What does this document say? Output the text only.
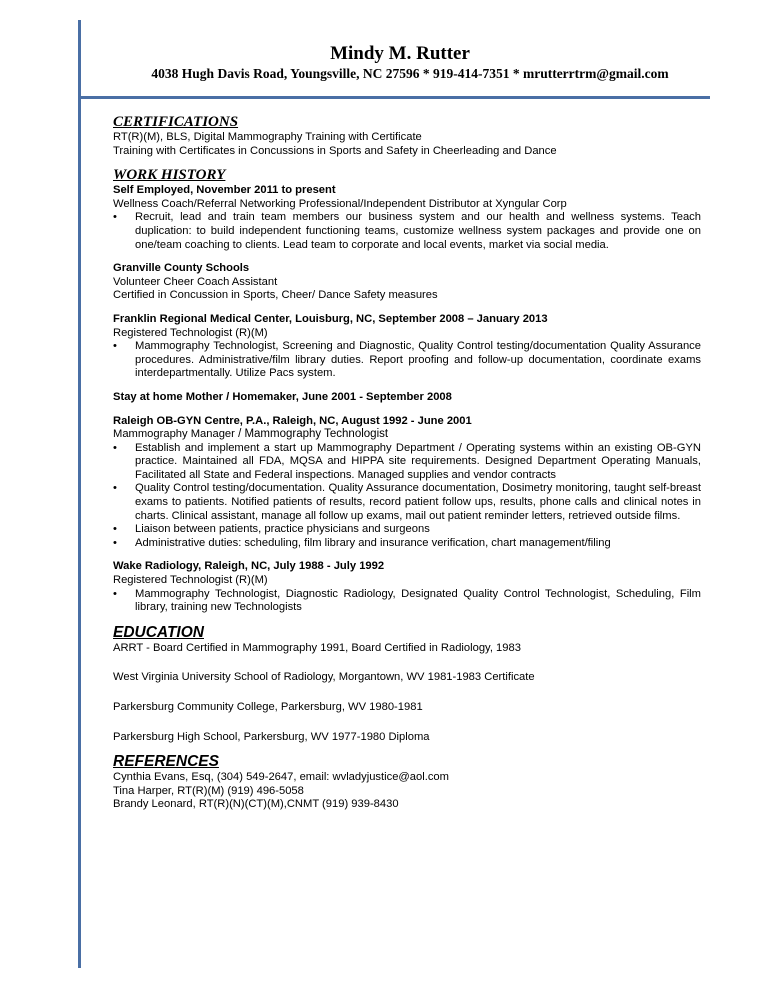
Mindy M. Rutter
4038 Hugh Davis Road, Youngsville, NC 27596 * 919-414-7351 * mrutterrtrm@gmail.com
CERTIFICATIONS

RT(R)(M), BLS, Digital Mammography Training with Certificate

Training with Certificates in Concussions in Sports and Safety in Cheerleading and Dance

WORK HISTORY

Self Employed, November 2011 to present

Wellness Coach/Referral Networking Professional/Independent Distributor at Xyngular Corp

• Recruit, lead and train team members our business system and our health and wellness systems. Teach duplication: to build independent functioning teams, customize wellness system packages and provide one on one/team coaching to clients. Lead team to corporate and local events, market via social media.

Granville County Schools

Volunteer Cheer Coach Assistant

Certified in Concussion in Sports, Cheer/ Dance Safety measures

Franklin Regional Medical Center, Louisburg, NC, September 2008 – January 2013

Registered Technologist (R)(M)

• Mammography Technologist, Screening and Diagnostic, Quality Control testing/documentation Quality Assurance procedures. Administrative/film library duties. Report proofing and follow-up documentation, coordinate exams interdepartmentally. Utilize Pacs system.

Stay at home Mother / Homemaker, June 2001 - September 2008

Raleigh OB-GYN Centre, P.A., Raleigh, NC, August 1992 - June 2001

Mammography Manager / Mammography Technologist

• Establish and implement a start up Mammography Department / Operating systems within an existing OB-GYN practice. Maintained all FDA, MQSA and HIPPA site requirements. Designed Department Operating Manuals, Facilitated all State and Federal inspections. Managed supplies and vendor contracts
• Quality Control testing/documentation. Quality Assurance documentation, Dosimetry monitoring, taught self-breast exams to patients. Notified patients of results, record patient follow ups, results, phone calls and clinical notes in charts. Clinical assistant, manage all follow up exams, mail out patient reminder letters, retrieved outside films.
• Liaison between patients, practice physicians and surgeons
• Administrative duties: scheduling, film library and insurance verification, chart management/filing

Wake Radiology, Raleigh, NC, July 1988 - July 1992

Registered Technologist (R)(M)

• Mammography Technologist, Diagnostic Radiology, Designated Quality Control Technologist, Scheduling, Film library, training new Technologists
EDUCATION

ARRT - Board Certified in Mammography 1991, Board Certified in Radiology, 1983

West Virginia University School of Radiology, Morgantown, WV 1981-1983 Certificate

Parkersburg Community College, Parkersburg, WV 1980-1981

Parkersburg High School, Parkersburg, WV 1977-1980 Diploma

REFERENCES

Cynthia Evans, Esq, (304) 549-2647, email: wvladyjustice@aol.com

Tina Harper, RT(R)(M) (919) 496-5058

Brandy Leonard, RT(R)(N)(CT)(M),CNMT (919) 939-8430
